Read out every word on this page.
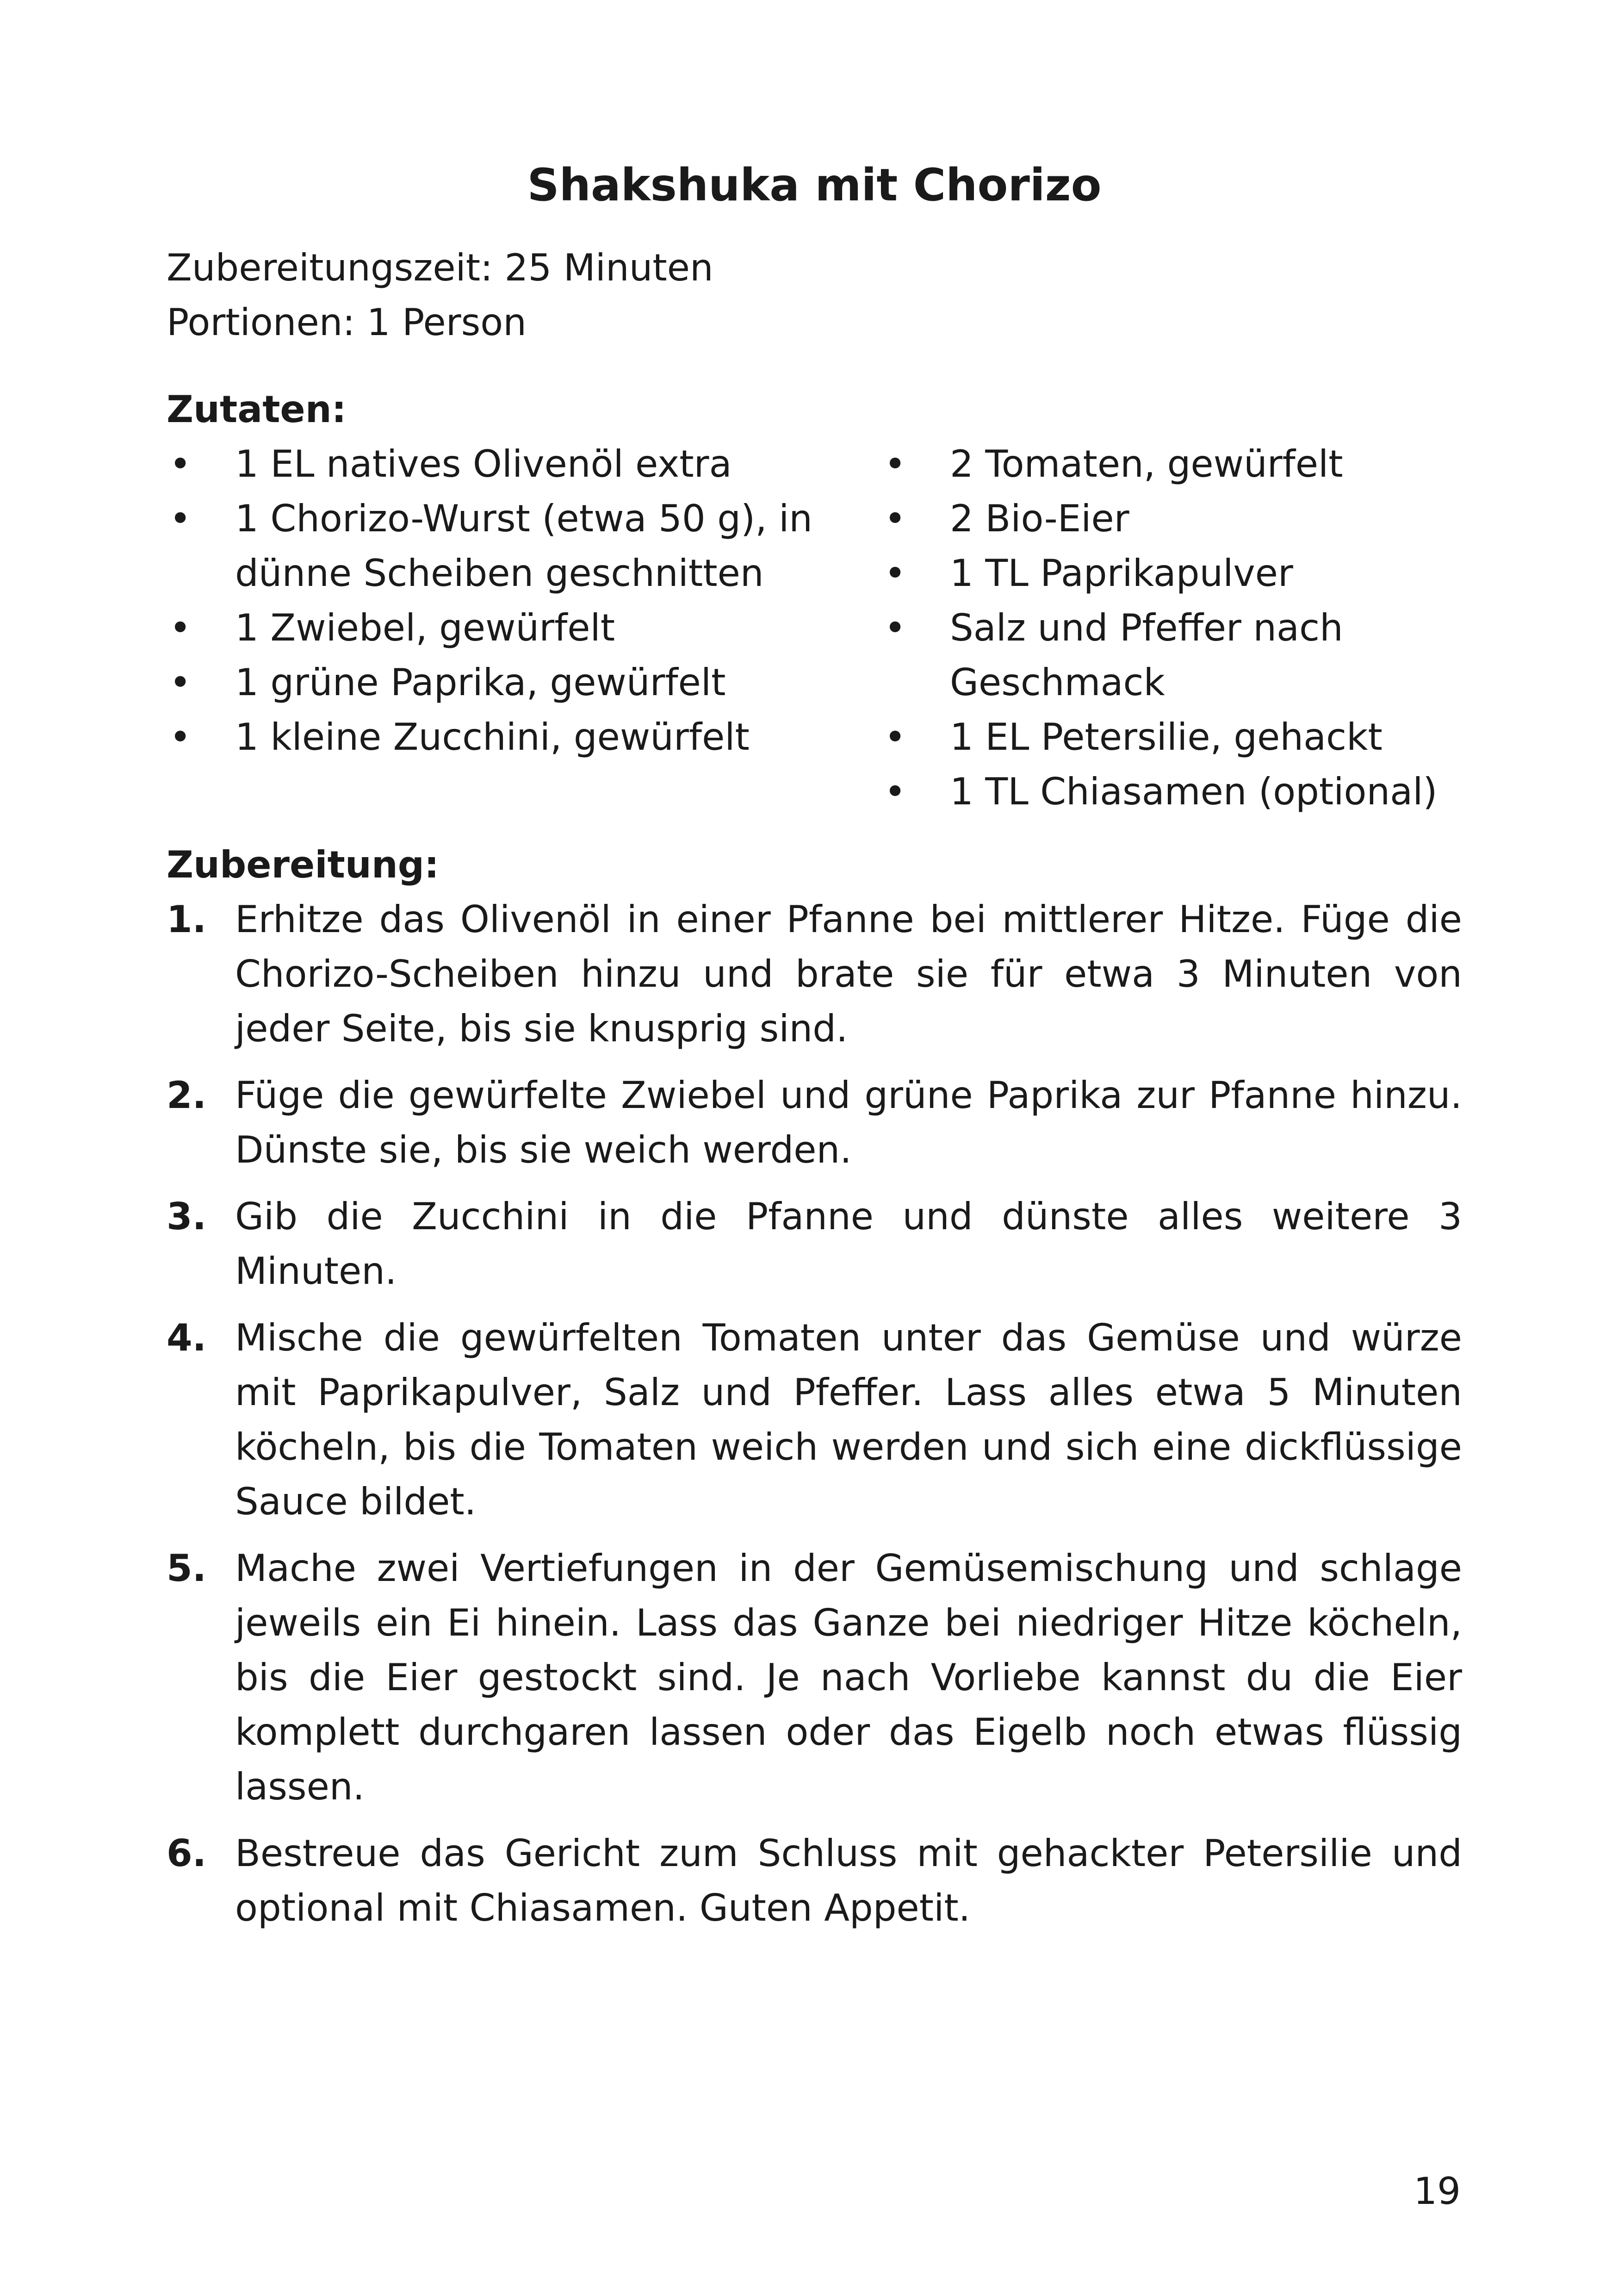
Shakshuka mit Chorizo

Zubereitungszeit: 25 Minuten

Portionen: 1 Person

Zutaten:

• 1 EL natives Olivenöl extra
• 1 Chorizo-Wurst (etwa 50 g), in dünne Scheiben geschnitten
• 1 Zwiebel, gewürfelt
• 1 grüne Paprika, gewürfelt
• 1 kleine Zucchini, gewürfelt
• 2 Tomaten, gewürfelt
• 2 Bio-Eier
• 1 TL Paprikapulver
• Salz und Pfeffer nach Geschmack
• 1 EL Petersilie, gehackt
• 1 TL Chiasamen (optional)

Zubereitung:

1. Erhitze das Olivenöl in einer Pfanne bei mittlerer Hitze. Füge die Chorizo-Scheiben hinzu und brate sie für etwa 3 Minuten von jeder Seite, bis sie knusprig sind.
2. Füge die gewürfelte Zwiebel und grüne Paprika zur Pfanne hinzu. Dünste sie, bis sie weich werden.
3. Gib die Zucchini in die Pfanne und dünste alles weitere 3 Minuten.
4. Mische die gewürfelten Tomaten unter das Gemüse und würze mit Paprikapulver, Salz und Pfeffer. Lass alles etwa 5 Minuten köcheln, bis die Tomaten weich werden und sich eine dickflüssige Sauce bildet.
5. Mache zwei Vertiefungen in der Gemüsemischung und schlage jeweils ein Ei hinein. Lass das Ganze bei niedriger Hitze köcheln, bis die Eier gestockt sind. Je nach Vorliebe kannst du die Eier komplett durchgaren lassen oder das Eigelb noch etwas flüssig lassen.
6. Bestreue das Gericht zum Schluss mit gehackter Petersilie und optional mit Chiasamen. Guten Appetit.
19
